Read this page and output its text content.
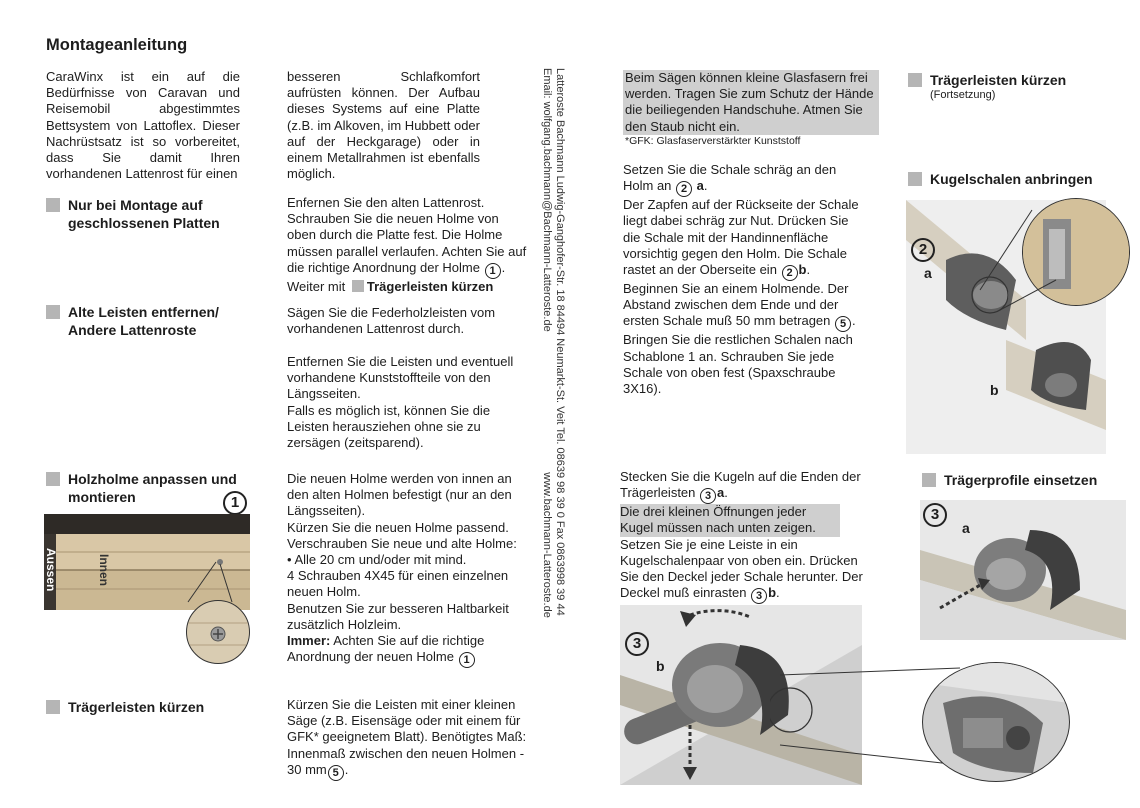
Montageanleitung
CaraWinx ist ein auf die Bedürfnisse von Caravan und Reisemobil abgestimmtes Bettsystem von Lattoflex. Dieser Nachrüstsatz ist so vorbereitet, dass Sie damit Ihren vorhandenen Lattenrost für einen
Nur bei Montage auf geschlossenen Platten
Alte Leisten entfernen/ Andere Lattenroste
Holzholme anpassen und montieren	1
Aussen	Innen
Trägerleisten kürzen
besseren Schlafkomfort aufrüsten können. Der Aufbau dieses Systems auf eine Platte (z.B. im Alkoven, im Hubbett oder auf der Heckgarage) oder in einem Metallrahmen ist ebenfalls möglich.
Enfernen Sie den alten Lattenrost. Schrauben Sie die neuen Holme von oben durch die Platte fest. Die Holme müssen parallel verlaufen. Achten Sie auf die richtige Anordnung der Holme 1 .
Weiter mit Trägerleisten kürzen
Sägen Sie die Federholzleisten vom vorhandenen Lattenrost durch.
Entfernen Sie die Leisten und eventuell vorhandene Kunststoffteile von den Längsseiten.
Falls es möglich ist, können Sie die Leisten herausziehen ohne sie zu zersägen (zeitsparend).
Die neuen Holme werden von innen an den alten Holmen befestigt (nur an den Längsseiten).
Kürzen Sie die neuen Holme passend.
Verschrauben Sie neue und alte Holme:
• Alle 20 cm und/oder mit mind.
4 Schrauben 4X45 für einen einzelnen
neuen Holm.
Benutzen Sie zur besseren Haltbarkeit zusätzlich Holzleim.
Immer: Achten Sie auf die richtige Anordnung der neuen Holme 1
Kürzen Sie die Leisten mit einer kleinen Säge (z.B. Eisensäge oder mit einem für GFK* geeignetem Blatt). Benötigtes Maß: Innenmaß zwischen den neuen Holmen - 30 mm 5 .
Latteroste Bachmann Ludwig-Ganghofer-Str. 18 84494 Neumarkt-St. Veit Tel. 08639 98 39 0 Fax 0863998 39 44
Email: wolfgang.bachmann@Bachmann-Latteroste.de                                              www.bachmann-Latteroste.de	Beim Sägen können kleine Glasfasern frei werden. Tragen Sie zum Schutz der Hände die beiliegenden Handschuhe. Atmen Sie den Staub nicht ein.
*GFK: Glasfaserverstärkter Kunststoff
Setzen Sie die Schale schräg an den Holm an 2 a.
Der Zapfen auf der Rückseite der Schale liegt dabei schräg zur Nut. Drücken Sie die Schale mit der Handinnenfläche vorsichtig gegen den Holm. Die Schale rastet an der Oberseite ein 2 b.
Beginnen Sie an einem Holmende. Der Abstand zwischen dem Ende und der ersten Schale muß 50 mm betragen 5 . Bringen Sie die restlichen Schalen nach Schablone 1 an. Schrauben Sie jede Schale von oben fest (Spaxschraube 3X16).
Stecken Sie die Kugeln auf die Enden der Trägerleisten 3 a.
Die drei kleinen Öffnungen jeder Kugel müssen nach unten zeigen.
Setzen Sie je eine Leiste in ein Kugelschalenpaar von oben ein. Drücken Sie den Deckel jeder Schale herunter. Der Deckel muß einrasten 3 b.
3
b
Trägerleisten kürzen
(Fortsetzung)
Kugelschalen anbringen
2
a
b
Trägerprofile einsetzen
3
a
